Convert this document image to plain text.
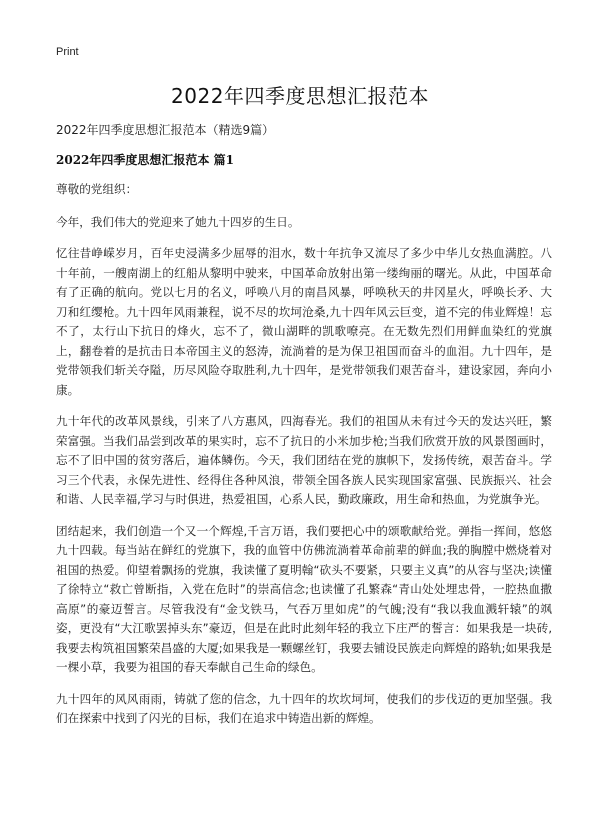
Print
2022年四季度思想汇报范本

2022年四季度思想汇报范本（精选9篇）

2022年四季度思想汇报范本 篇1

尊敬的党组织：

今年，我们伟大的党迎来了她九十四岁的生日。

忆往昔峥嵘岁月，百年史浸满多少屈辱的泪水，数十年抗争又流尽了多少中华儿女热血满腔。八十年前，一艘南湖上的红船从黎明中驶来，中国革命放射出第一缕绚丽的曙光。从此，中国革命有了正确的航向。党以七月的名义，呼唤八月的南昌风暴，呼唤秋天的井冈星火，呼唤长矛、大刀和红缨枪。九十四年风雨兼程，说不尽的坎坷沧桑,九十四年风云巨变，道不完的伟业辉煌！忘不了，太行山下抗日的烽火，忘不了，微山湖畔的凯歌嘹亮。在无数先烈们用鲜血染红的党旗上，翻卷着的是抗击日本帝国主义的怒涛，流淌着的是为保卫祖国而奋斗的血泪。九十四年，是党带领我们斩关夺隘，历尽风险夺取胜利,九十四年，是党带领我们艰苦奋斗，建设家园，奔向小康。

九十年代的改革风景线，引来了八方惠风，四海春光。我们的祖国从未有过今天的发达兴旺，繁荣富强。当我们品尝到改革的果实时，忘不了抗日的小米加步枪;当我们欣赏开放的风景图画时，忘不了旧中国的贫穷落后，遍体鳞伤。今天，我们团结在党的旗帜下，发扬传统，艰苦奋斗。学习三个代表，永保先进性、经得住各种风浪，带领全国各族人民实现国家富强、民族振兴、社会和谐、人民幸福,学习与时俱进，热爱祖国，心系人民，勤政廉政，用生命和热血，为党旗争光。

团结起来，我们创造一个又一个辉煌,千言万语，我们要把心中的颂歌献给党。弹指一挥间，悠悠九十四载。每当站在鲜红的党旗下，我的血管中仿佛流淌着革命前辈的鲜血;我的胸膛中燃烧着对祖国的热爱。仰望着飘扬的党旗，我读懂了夏明翰“砍头不要紧，只要主义真”的从容与坚决;读懂了徐特立“救亡曾断指，入党在危时”的崇高信念;也读懂了孔繁森“青山处处埋忠骨，一腔热血撒高原”的豪迈誓言。尽管我没有“金戈铁马，气吞万里如虎”的气魄;没有“我以我血溅轩辕”的飒姿，更没有“大江歌罢掉头东”豪迈，但是在此时此刻年轻的我立下庄严的誓言：如果我是一块砖,我要去构筑祖国繁荣昌盛的大厦;如果我是一颗螺丝钉，我要去铺设民族走向辉煌的路轨;如果我是一棵小草，我要为祖国的春天奉献自己生命的绿色。

九十四年的风风雨雨，铸就了您的信念，九十四年的坎坎坷坷，使我们的步伐迈的更加坚强。我们在探索中找到了闪光的目标，我们在追求中铸造出新的辉煌。
